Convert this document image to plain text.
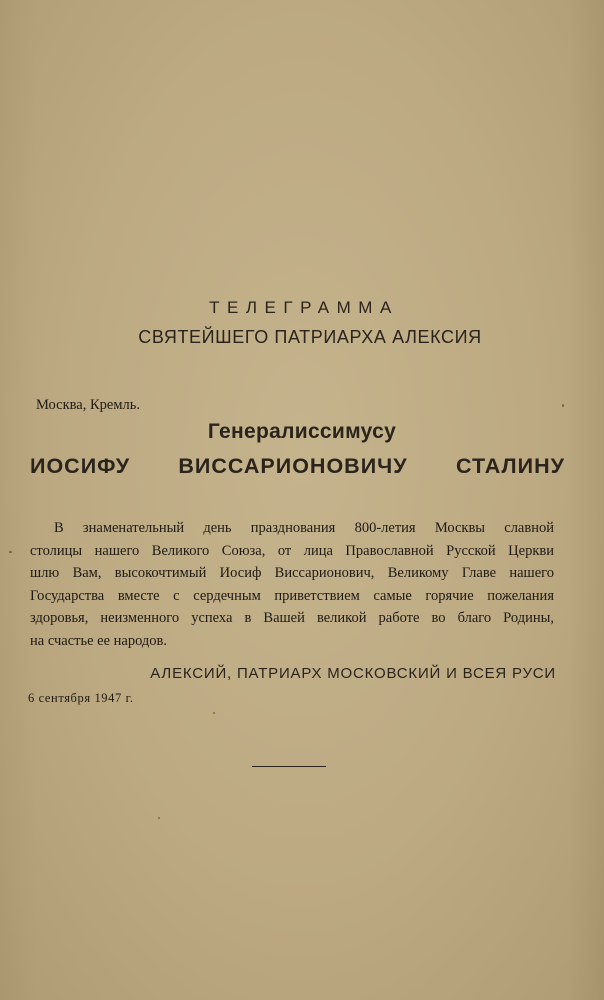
ТЕЛЕГРАММА
СВЯТЕЙШЕГО ПАТРИАРХА АЛЕКСИЯ
Москва, Кремль.
Генералиссимусу
ИОСИФУ ВИССАРИОНОВИЧУ СТАЛИНУ
В знаменательный день празднования 800-летия Москвы славной
столицы нашего Великого Союза, от лица Православной Русской Церкви
шлю Вам, высокочтимый Иосиф Виссарионович, Великому Главе нашего
Государства вместе с сердечным приветствием самые горячие пожелания
здоровья, неизменного успеха в Вашей великой работе во благо Родины,
на счастье ее народов.
АЛЕКСИЙ, ПАТРИАРХ МОСКОВСКИЙ И ВСЕЯ РУСИ
6 сентября 1947 г.
